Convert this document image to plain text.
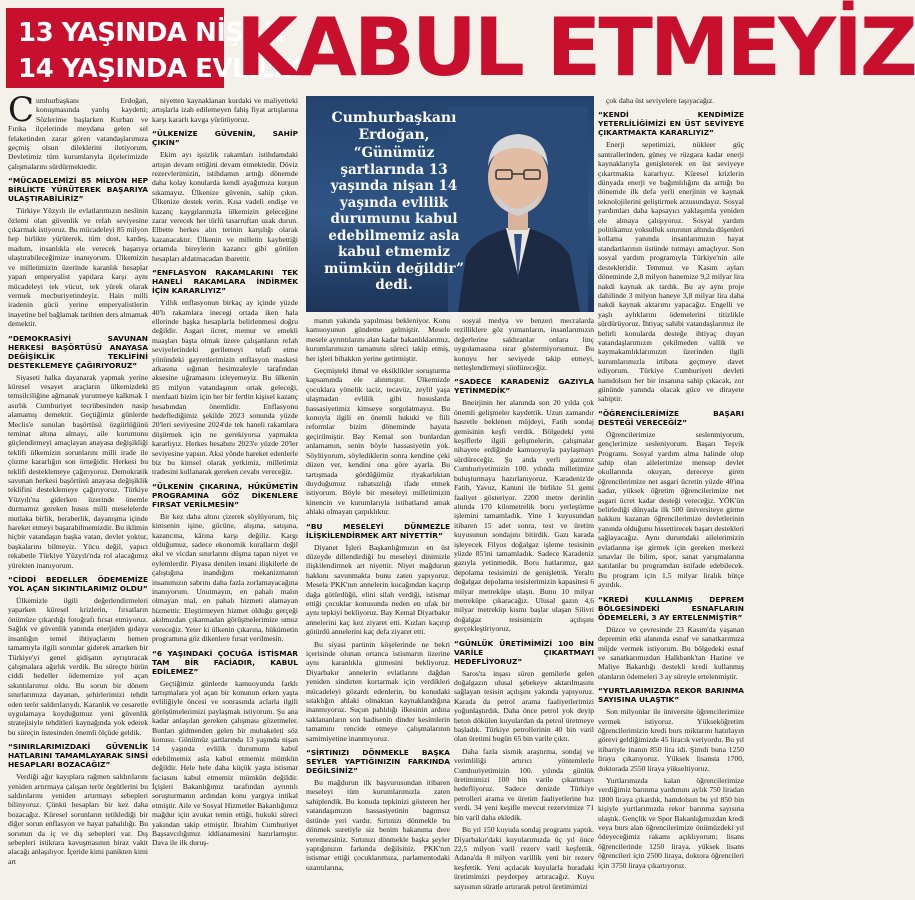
13 YAŞINDA NİŞAN
14 YAŞINDA EVLİLİK
KABUL ETMEYİZ

Cumhurbaşkanı Erdoğan, konuşmasında yanlış kaydetti; Sözlerime başlarken Kurban ve Fırıka ilçelerinde meydana gelen sel felaketinden zarar gören vatandaşlarımıza geçmiş olsun dileklerini iletiyorum. Devletimiz tüm kurumlarıyla ilçelerimizde çalışmalarını sürdürmektedir.

“MÜCADELEMİZİ 85 MİLYON HEP BİRLİKTE YÜRÜTEREK BAŞARIYA ULAŞTIRABİLİRİZ”

Türkiye Yüzyılı ile evlatlarımızın neslinin özlemi olan güvenlik ve refah seviyesine çıkarmak istiyoruz. Bu mücadeleyi 85 milyon hep birlikte yürüterek, tüm dost, kardeş, madum, insanlıkla ele verecek başarıya ulaştırabileceğimize inanıyorum. Ülkemizin ve milletimizin üzerinde karanlık hesaplar yapan emperyalist yapılara karşı aynı mücadeleyi tek vücut, tek yürek olarak vermek mecburiyetindeyiz. Hain milli iradenin gücü yerine emperyalistlerin inayetine bel bağlamak tarihten ders almamak demektir.

“DEMOKRASİYİ SAVUNAN HERKESİ BAŞÖRTÜSÜ ANAYASA DEĞİŞİKLİK TEKLİFİNİ DESTEKLEMEYE ÇAĞIRIYORUZ”

Siyaseti halka dayanarak yapmak yerine küresel vesayet araçların ülkemizdeki temsilciliğine ağmanak yurutmeye kalkmak 1 asırlık Cumhuriyet tecrübesinden nasip alamamış demektir. Geçtiğimiz günlerde Meclis'e sunulan başörtüsü özgürlüğünü teminat altına almayı, aile kurumunu güçlendirmeyi amaçlayan anayasa değişikliği teklifi ülkemizin sorunlarını milli irade ile çözme kararlığın son örneğidir. Herkesi bu teklifi desteklemeye çağırıyoruz. Demokratik savunan herkesi başörtüsü anayasa değişiklik teklifini desteklemeye çağırıyoruz. Türkiye Yüzyılı'na giderken üzerinde önemle durmamız gereken husus milli meselelerde mutlaka birlik, beraberlik, dayanışma içinde hareket etmeyi başarabilmemizdir. Bu iklimin hiçbir vatandaşın başka vatan, devlet yoktur, başkalarını bilmeyiz. Yücu değil, yapıcı rekabetle Türkiye Yüzyılı'nda rol alacağımız yürekten inanıyorum.

“CİDDİ BEDELLER ÖDEMEMİZE YOL AÇAN SIKINTILARIMIZ OLDU”

Ülkemizle ilgili değerlendirmeleri yaparken küresel krizlerin, fırsatların önümüze çıkardığı fotoğrafı fırsat etmiyoruz. Sağlık ve güvenlik yanında enerjiden gıdaya insanlığın temel ihtiyaçlarını hemen tamamıyla ilgili sorunlar giderek artarken bir Türkiye'yi genel gidişatın ayrıştıracak çalışmalara ağırlık verdik. Bu süreçte bütün ciddi bedeller ödememize yol açan sıkıntılarımız oldu. Bu sorun bir dönem sınırlarımıza dayanan, şehirlerimizi tehdit eden terör saldırılarıydı. Karanlık ve cesaretle uygulamaya koyduğumuz yeni güvenlik stratejisiyle tehditleri kaynağında yok ederek bu süreçin üstesinden önemli ölçüde geldik.

“SINIRLARIMIZDAKİ GÜVENLİK HATLARINI TAMAMLAYARAK SINSİ HESAPLARI BOZACAĞIZ”

Verdiği ağır kayıplara rağmen saldırılarını yeniden artırmaya çalışan terör örgütlerini bu saldırılarını yeniden artırmayı sebepleri bilinyoruz. Çünkü hesapları bir kez daha bozacağız. Küresel sorunların tetiklediği bir diğer sorun enflasyon ve hayat pahalılığı. Bu sorunun da iç ve dış sebepleri var. Dış sebepleri istikrara kavuşmasının biraz vakit alacağı anlaşılıyor. İçeride kimi panikten kimi art

niyetten kaynaklanan kurdaki ve maliyetteki artışlarla izah edilemeyen fahiş fiyat artışlarına karşı kararlı kavga yürütüyoruz.

“ÜLKENİZE GÜVENİN, SAHİP ÇIKIN”

Ekim ayı işsizlik rakamları istihdamdaki artışın devam ettiğini devam etmektedir. Döviz rezervlerimizin, istihdamın arttığı dönemde daha kolay konularda kendi ayağımıza kurşun sıkamayız. Ülkenize güvenin, sahip çıkın. Ülkenize destek verin. Kısa vadeli endişe ve kazanç kaygılarınızla ülkemizin geleceğine zarar verecek her türlü tasarruftan uzak durun. Elbette herkes alın terinin karşılığı olarak kazanacaktır. Ülkenin ve milletin kaybettiği ortamda bireylerin kazancı gibi görülen hesapları aldatmacadan ibarettir.

“ENFLASYON RAKAMLARINI TEK HANELİ RAKAMLARA İNDİRMEK İÇİN KARARLIYIZ”

Yıllık enflasyonun birkaç ay içinde yüzde 40'lı rakamlara inecegi ortada iken hala ellerinde başka hesaplarla belirlenmesi doğru değildir. Asgari ücret, memur ve emekli maaşları başta olmak üzere çalışanların refah seviyelerindeki gerilemeyi telafi etme yönündeki gayretlerimizin enflasyon maskesi arkasına sığınan hesimzaleyle tarafından aksesine uğramasını izleyemeyiz. Bu ülkenin 85 milyon vatandaşının ortak geleceği, menfaati bizim için her bir fertlin kişisel kazanç hesabından önemlidir. Enflasyonu hedeflediğimiz şekilde 2023 sonunda yüzde 20'leri seviyesine 2024'de tek haneli rakamlara düşürmek için ne gerekiyorsa yapmakta kararlıyız. Herkes hesabını 2023'e yüzde 20'ler seviyesine yapsın. Aksi yönde hareket edenlerle biz bu kimsel olarak yetkimiz, milletimiz tradesini kullanarak gereken cevabı vereceğiz.

“ÜLKENİN ÇIKARINA, HÜKÜMETİN PROGRAMINA GÖZ DİKENLERE FIRSAT VERİLMESİN”

Bir kez daha altını çizerek söylüyorum, hiç kimsenin işine, gücüne, alışına, satışına, kazancına, kârına karşı değiliz. Kargı olduğumuz, sadece ekonomik kuralların değil akıl ve vicdan sınırlarını düşma tapan niyet ve eylemlerdir. Piyasa denilen insani ilişkilerle de çalıştığına inandığım mekanizmanın insanımızın sabrını daha fazla zorlamayacağına inanıyorum. Unutmayın, en pahalı malın olmayan mal, en pahalı hizmeti alamayan hizmettir. Eleştirmeyen hizmet olduğu gerçeği akılmızdan çıkarmadan görüşmelerimize umuz vereceğiz. Yeter ki ülkenin çıkarına, hükümetin programına göz dikenlere fırsat verilmesin.

“6 YAŞINDAKİ ÇOCUĞA İSTİSMAR TAM BİR FACİADIR, KABUL EDİLEMEZ”

Geçtiğimiz günlerde kamuoyunda farklı tartışmalara yol açan bir konunun erken yaşta evliliğiyle öncesi ve sonrasında aclarla ilgili görüşümelerimizi paylaşmak istiyorum. Şu ana kadar anlaşılan gereken çalışması gözetmeler. Bunları gidmenden gelen bir muhakeleti söz konusu. Günümüz şartlarında 13 yaşında nişan 14 yaşında evlilik durumunu kabul edebilmemiz asla kabul etmemiz mümkün değildir. Hele hele daha küçük yaşta istismar faciasını kabul etmemiz mümkün değildir. İçişleri Bakanlığımız tarafından ayrıntılı soruşturmanın ardından konu yargıya intikal etmiştir. Aile ve Sosyal Hizmetler Bakanlığımız mağdur için avukat temin ettiği, hukuki süreci yakından takip etmiştir. İbrahim Cumhuriyet Başsavcılığımız iddianamesini hazırlamıştır. Dava ile ilk duruş-

Cumhurbaşkanı Erdoğan,
“Günümüz şartlarında 13 yaşında nişan 14 yaşında evlilik durumunu kabul edebilmemiz asla kabul etmemiz mümkün değildir” dedi.

manın yakında yapılması bekleniyor. Konu kamuoyunun gündeme gelmiştir. Mesele mesele ayrıntılarını alan kadar bakanlıklarımız, kurumlarımızın tamamını süreci takip etmiş, her işleri bihakkın yerine getirmiştir.

Geçmişteki ihmal ve eksiklikler soruşturma kapsamında ele alınmıştır. Ülkemizde çocuklara yönelik taciz, tecavüz, zeylil yaşa ulaşmadan evlilik gibi hususlarda hassasiyetimiz kimseye sorgulatmayız. Bu konuyla ilgili en önemli hukuki ve fiili reformlar bizim döneminde hayata geçirilmiştir. Bay Kemal son bunlardan anlamamın, senin böyle hassasiyetin yok. Söylüyorum, söylediklerin sonra kendine çeki düzen ver, kendini ona göre ayarla. Bu tartışmada gördüğümüz riyakarlıktan duyduğumuz rahatsızlığı ifade etmek istiyorum. Böyle bir meseleyi milletimizin kinencin ve kurumlarıyla istibatlarıd amak ahlaki olmayan çarpıklıktır.

“BU MESELEYİ DÜNMEZLE İLİŞKİLENDİRMEK ART NİYETTİR”

Diyanet İşleri Başkanlığımızın en üst düzeyde dillendirdiği bu meseleyi dinimizle ilişkilendirmek art niyettir. Niyet mağdurun hakkını savunmakta bunu zaten yapıyoruz. Mesela PKK'nın annelerin kucağından kaçırıp dağa götürdüğü, elini silah verdiği, istismar ettiği çocuklar konusunda neden en ufak bir aynı tepkiyi bekliyoruz. Bay Kemal Diyarbakır annelerini kaç kez ziyaret etti. Kızları kaçırıp götürdü annelerini kaç defa ziyaret etti.

Bu siyasi partinin köşelerinde ne bekri içerisinde olunan ortanca istismarın üzerine aynı karanlıkla gitmesini bekliyoruz. Diyarbakır annelerin evlatlarını dağdan yeniden sindirten kurtarmak için verdikleri mücadeleyi gözardı edenlerin, bu konudaki sıtaklığın ahlaki olmaktan kaynaklandığına inanmıyoruz. Suçun pahlılığı ilkesinin ardına saklananların son hadisenin dinder kesimlerin tamamını rencide etmeye çalışmalarının samimiyetine inanmıyoruz.

“SİRTINIZI DÖNMEKLE BAŞKA SEYLER YAPTIĞINIZIN FARKINDA DEĞİLSİNİZ”

Bu mağdurun ilk başvurusundan itibaren meseleyi tüm kurumlarımızla zaten sahiplendik. Bu konuda tepkinizi gösteren her vatandaşımızın hassasiyetinin bagımsız üstünde yeri vardır. Sırtınızı dönmekle bu dönmek suretiyle siz benim bakanıma dere veremezsiniz. Sırtınızı dönmekle başka şeyler yaptığınızın farkında değilsiniz. PKK'nın istismar ettiği çocuklarımıza, parlamentodaki uzantılarına,

sosyal medya ve benzeri mecralarda rezilliklere göz yumanların, insanlarımızın değerlerine saldıranlar onlara linç uygulamasına ısrar göstermiyorsunuz. Bu konuyu her seviyede takip etmeyi, netleşlendirmeyi sürdüreceğiz.

“SADECE KARADENİZ GAZIYLA YETİNMEDİK”

Bneirjinin her alanında son 20 yılda çok önemli gelişmeler kaydettik. Uzun zamandır hasretle beklenen müjdeyi, Fatih sondaj gemisinin keşfi verdik. Bölgedeki yeni keşiflerle ilgili gelişmelerin, çalışmalar nihayete erdiğinde kamuoyuyla paylaşmayı sürdüreceğiz. Şu anda yerli gazımız Cumhuriyetimizin 100. yılında milletimize buluşturmaya hazırlanıyoruz. Karadeniz'de Fatih, Yavuz, Kanuni ile birlikte 51 gemi faaliyet gösteriyor. 2200 metre derinlin altında 170 kilometrelik boru yerleştirme işlemini tamamladık. Yine 1 kuyusundan itibaren 15 adet sonra, test ve üretim kuyusunun sondajını bitirdik. Gazı karada işleyecek Filyos doğalgaz işleme tesisinin yüzde 85'ini tamamladık. Sadece Karadeniz gazıyla yetinmedik. Boru hatlarımız, gaz depolama tesisimizi de genişlettik. Yeraltı doğalgaz depolama tesislerimizin kapasitesi 6 milyar metreküpe ulaştı. Bunu 10 milyar metreküpe çıkaracağız. Ulusal gazın 4,6 milyar metreküp kısmı başlar ulaşan Silivri doğalgaz tesisimizin açılışını gerçekleştiriyoruz.

“GÜNLÜK ÜRETİMİMİZİ 100 BİN VARİLE ÇIKARTMAYI HEDEFLİYORUZ”

Saros'ta inşası süren gemilerle gelen doğalgazın ulusal şebekeye aktarılmasını sağlayan tesisin açılışını yakında yapıyoruz. Karada da petrol arama faaliyetlerimizi yoğunlaştırdık. Daha önce petrol yok deyip beton dökülen kuyulardan da petrol üretmeye başladık. Türkiye petrollerinin 40 bin varil olan üretimi bugün 65 bin varile çıktı.

Daha fazla sismik araştırma, sondaj ve verimliliği artırıcı yöntemlerle Cumhuriyetimizin 100. yılında günlük üretimimizi 100 bin varile çıkartmayı hedefliyoruz. Sadece denizde Türkiye petrolleri arama ve üretim faaliyetlerine hız verdi. 34 yeni keşifle mevcut rezervimize 71 bin varil daha ekledik.

Bu yıl 150 kuyuda sondaj programı yaptık. Diyarbakır'daki kuyularımızda üç yıl önce 22,5 milyon varil rezerv varil keşfettik. Adana'da 8 milyon varillik yeni bir rezerv keşfettik. Yeni açılacak kuyularla buradaki üretimimizi peyderpey artıracağız. Kuyu sayısının süratle artırarak petrol üretimimizi

çok daha üst seviyelere taşıyacağız.

“KENDİ KENDİMİZE YETERLİLİĞİMİZİ EN ÜST SEVİYEYE ÇIKARTMAKTA KARARLIYIZ”

Enerji sepetimizi, nükleer güç santrallerinden, güneş ve rüzgara kadar enerji kaynaklarıyla genişleterek en üst seviyeye çıkartmakta kararlıyız. Küresel krizlerin dünyada enerji ve bağımlılığını da arttığı bu dönemde ilk defa yerli enerjinin ve kaynak teknolojilerini geliştirmek arzusundayız. Sosyal yardımları daha kapsayıcı yaklaşımla yeniden ele almaya çalışıyoruz. Sosyal yardım politikamız yoksulluk sınırının altında düşenleri kollama yanında insanlarımızın hayat standartlarının üstünde tutmayı amaçlıyor. Son sosyal yardım programıyla Türkiye'nin aile destekleridir. Temmuz ve Kasım ayları döneminde 2,8 milyon hanemize 9,2 milyar lira nakdi kaynak ak tardık. Bu ay aynı proje dahilinde 3 milyon haneye 3,8 milyar lira daha nakdi kaynak aktarımı yapacağız. Engelli ve yaşlı aylıklarını ödemelerini titizlikle sürdürüyoruz. İhtiyaç sahibi vatandaşlarımız ile belirli konularda desteğe ihtiyaç duyan vatandaşlarımızın çekilmeden vallik ve kaymakamlıklarımızın üzerinden ilgili kurumlarımızla irtibata geçmeye davet ediyorum. Türkiye Cumhuriyeti devleti hamdolsun her bir insanına sahip çıkacak, zor gününde yanında olacak güce ve dirayete sahiptir.

“ÖĞRENCİLERİMİZE BAŞARI DESTEĞİ VERECEĞİZ”

Öğrencilerimize seslenmiyorum, gençlerimize sesleniyorum. Başarı Teşvik Programı. Sosyal yardım alma halinde olup sahip olan ailelerimize mensup devlet okullarında okuyan, dereceye giren öğrencilerimize net asgari ücretin yüzde 40'ına kadar, yüksek öğretim öğrencilerimize net asgari ücret kadar desteği vereceğiz. YÖK'ün belirlediği dünyada ilk 500 üniversiteye girme hakkını kazanan öğrencilerimize devletlerinin yanında olduğunu hissettirecek başarı destekleri sağlayacağız. Aynı durumdaki ailelerimizin evlatlarına işe girmek için gereken merkezi sınavlar ile bilim, spor, sanat yarışmalarına katılanlar bu programdan istifade edebilecek. Bu program için 1,5 milyar liralık bütçe ayırdık.

“KREDİ KULLANMIŞ DEPREM BÖLGESİNDEKİ ESNAFLARIN ÖDEMELERİ, 3 AY ERTELENMİŞTİR”

Düzce ve çevresinde 23 Kasım'da yaşanan depremin etki alanında esnaf ve sanatkarımıza müjde vermek istiyorum. Bu bölgedeki esnaf ve sanatkarımızdan Halkbank'tan Hazine ve Maliye Bakanlığı destekli kredi kullanmış olanların ödemeleri 3 ay süreyle ertelenmiştir.

“YURTLARIMIZDA REKOR BARINMA SAYISINA ULAŞTIK”

Son milyonlar ile üniversite öğrencilerimize vermek istiyoruz. Yükseköğretim öğrencilerimizin kredi burs miktarını hatırlayın görevi geldiğimizde 45 liracık veriyordu. Bu yıl itibariyle inanın 850 lira idi. Şimdi buna 1250 liraya çıkarıyoruz. Yüksek lisansta 1700, doktorada 2550 liraya yükseltiyoruz.

Yurtlarımızda kalan öğrencilerimize verdiğimiz barınma yardımını aylık 750 liradan 1800 liraya çıkardık, hamdolsun bu yıl 850 bin kişiyle yurtlarımızda rekor barınma sayısına ulaştık. Gençlik ve Spor Bakanlığımızdan kredi veya burs alan öğrencilerimize önümüzdeki yıl ödeyeceğimiz rakamı açıklıyorum; lisans öğrencilerinde 1250 liraya, yüksek lisans öğrencileri için 2500 liraya, doktora öğrencileri için 3750 liraya çıkartıyoruz.
